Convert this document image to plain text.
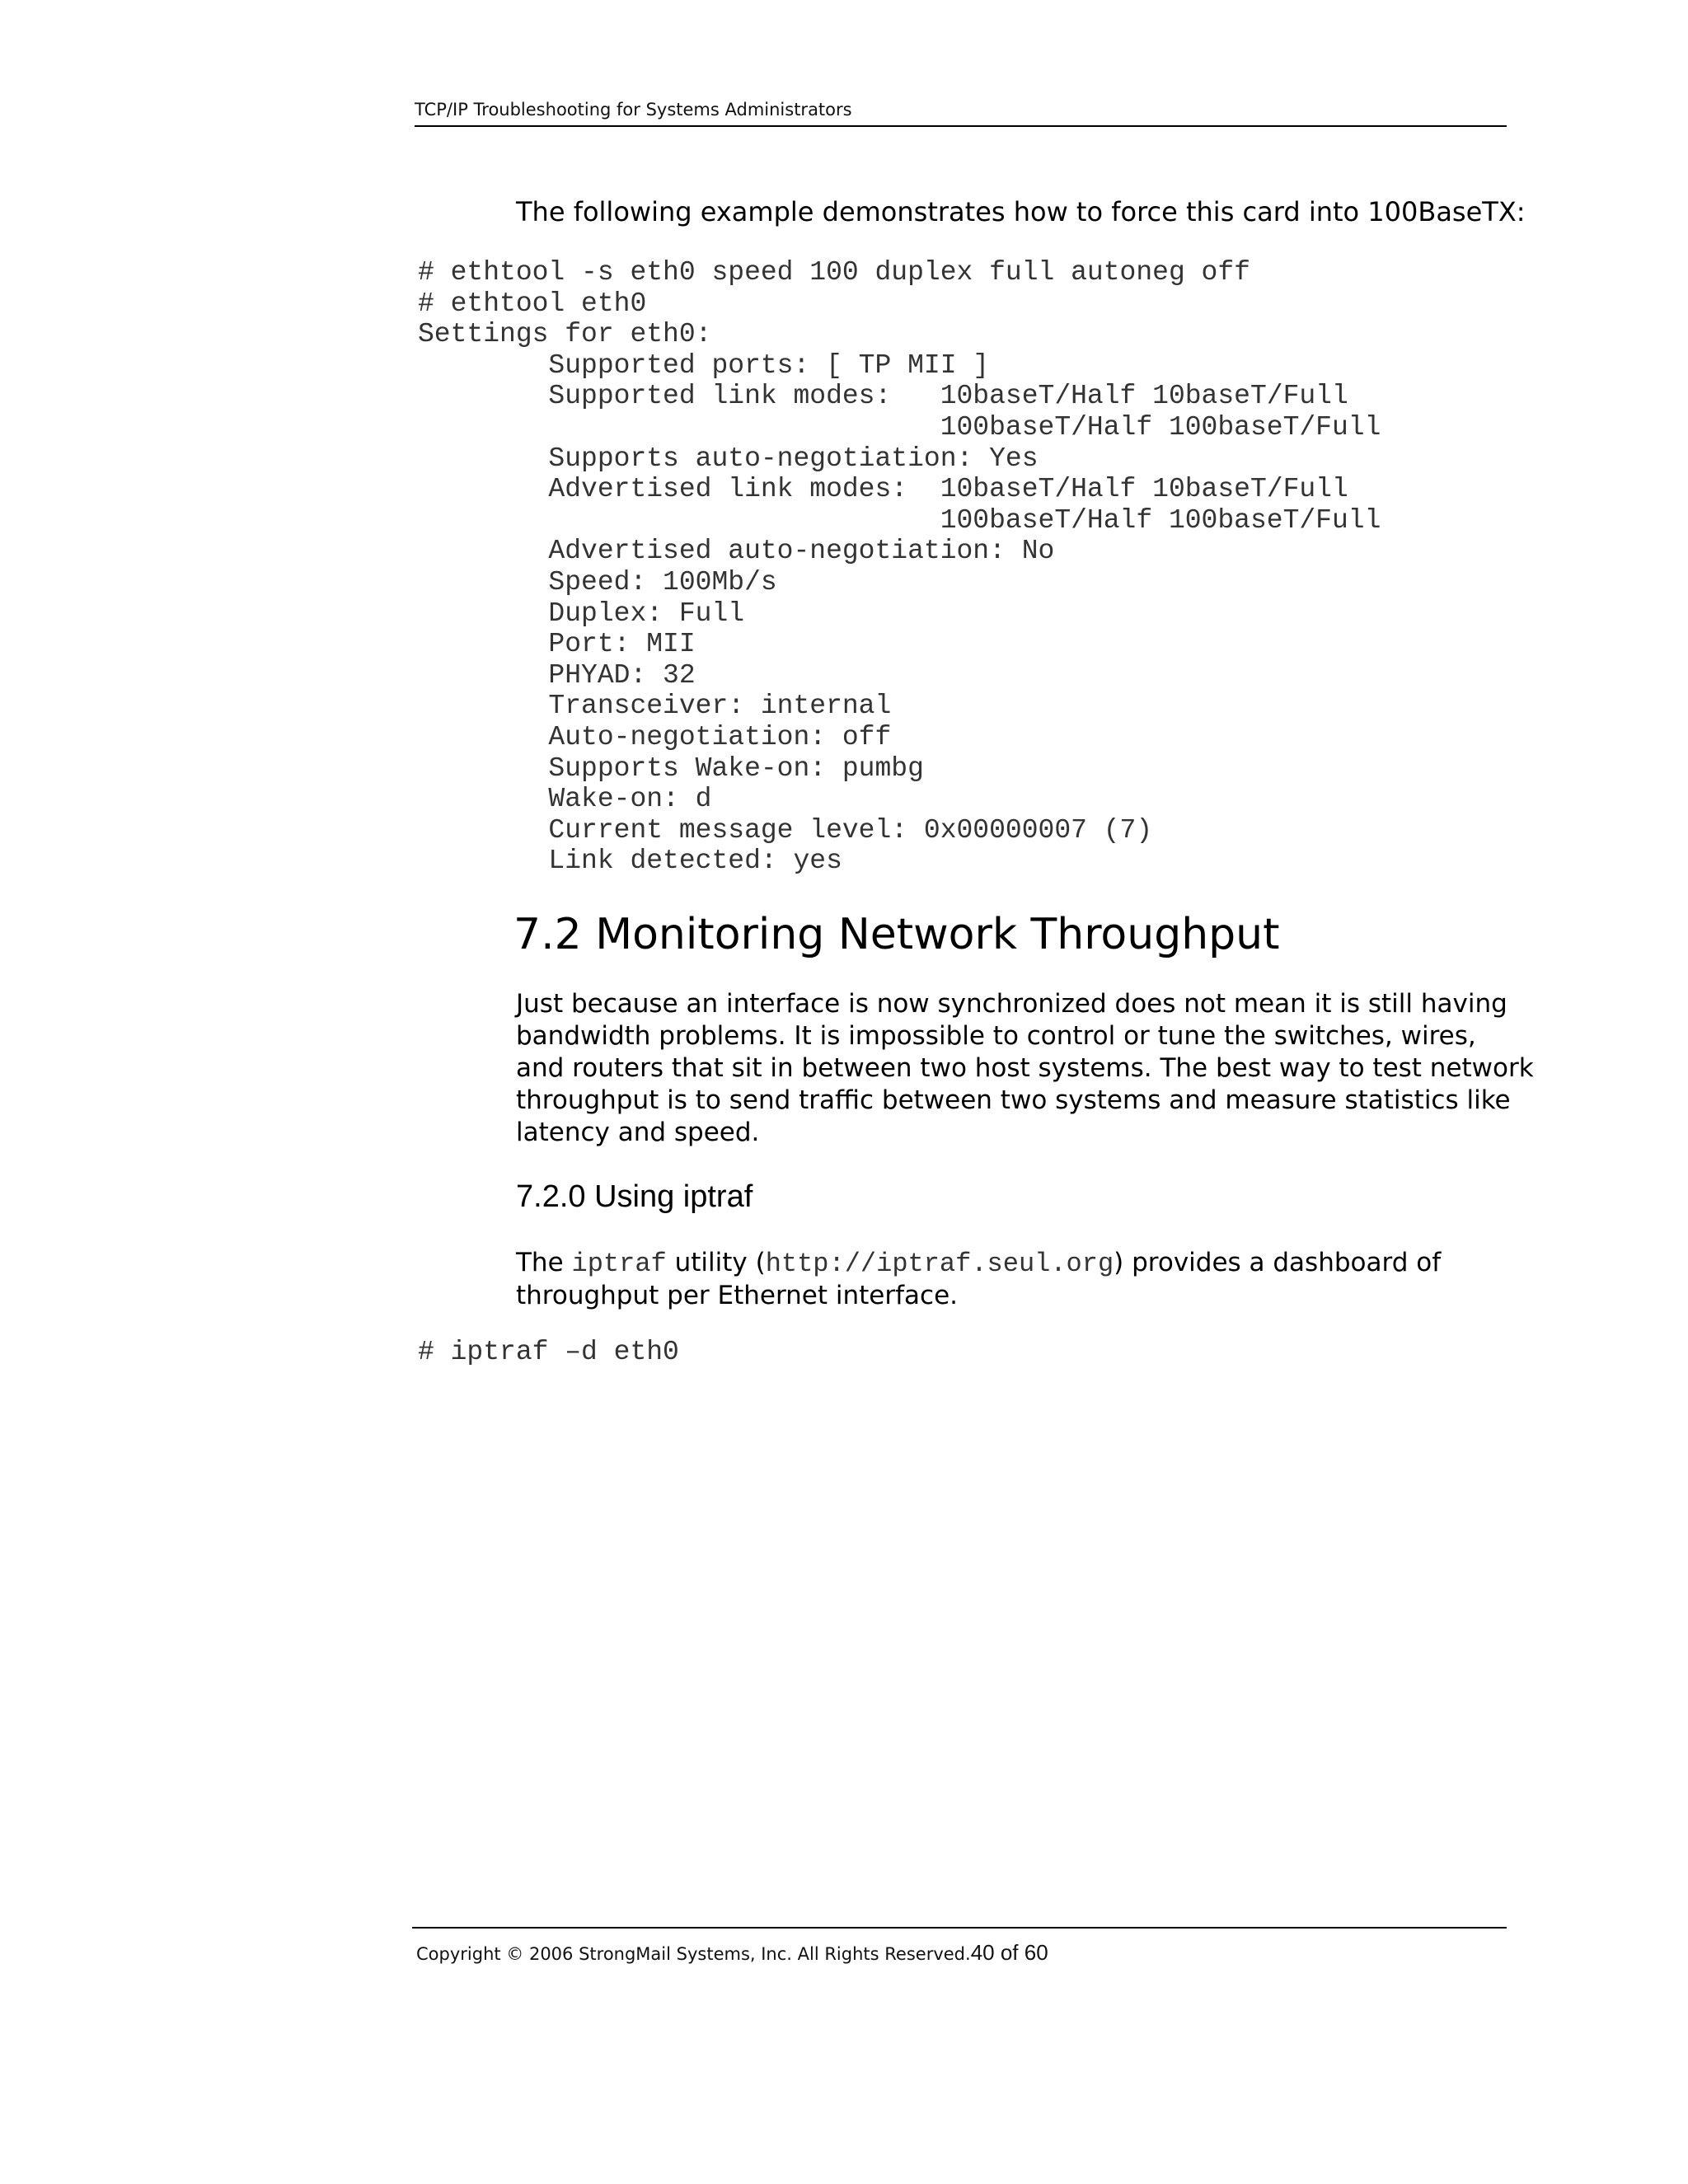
TCP/IP Troubleshooting for Systems Administrators

The following example demonstrates how to force this card into 100BaseTX:

# ethtool -s eth0 speed 100 duplex full autoneg off
# ethtool eth0
Settings for eth0:
Supported ports: [ TP MII ]
Supported link modes:   10baseT/Half 10baseT/Full
100baseT/Half 100baseT/Full
Supports auto-negotiation: Yes
Advertised link modes:  10baseT/Half 10baseT/Full
100baseT/Half 100baseT/Full
Advertised auto-negotiation: No
Speed: 100Mb/s
Duplex: Full
Port: MII
PHYAD: 32
Transceiver: internal
Auto-negotiation: off
Supports Wake-on: pumbg
Wake-on: d
Current message level: 0x00000007 (7)
Link detected: yes
7.2 Monitoring Network Throughput
Just because an interface is now synchronized does not mean it is still having
bandwidth problems. It is impossible to control or tune the switches, wires,
and routers that sit in between two host systems. The best way to test network
throughput is to send traffic between two systems and measure statistics like
latency and speed.
7.2.0 Using iptraf
The iptraf utility (http://iptraf.seul.org) provides a dashboard of
throughput per Ethernet interface.
# iptraf –d eth0
Copyright © 2006 StrongMail Systems, Inc. All Rights Reserved.40 of 60
